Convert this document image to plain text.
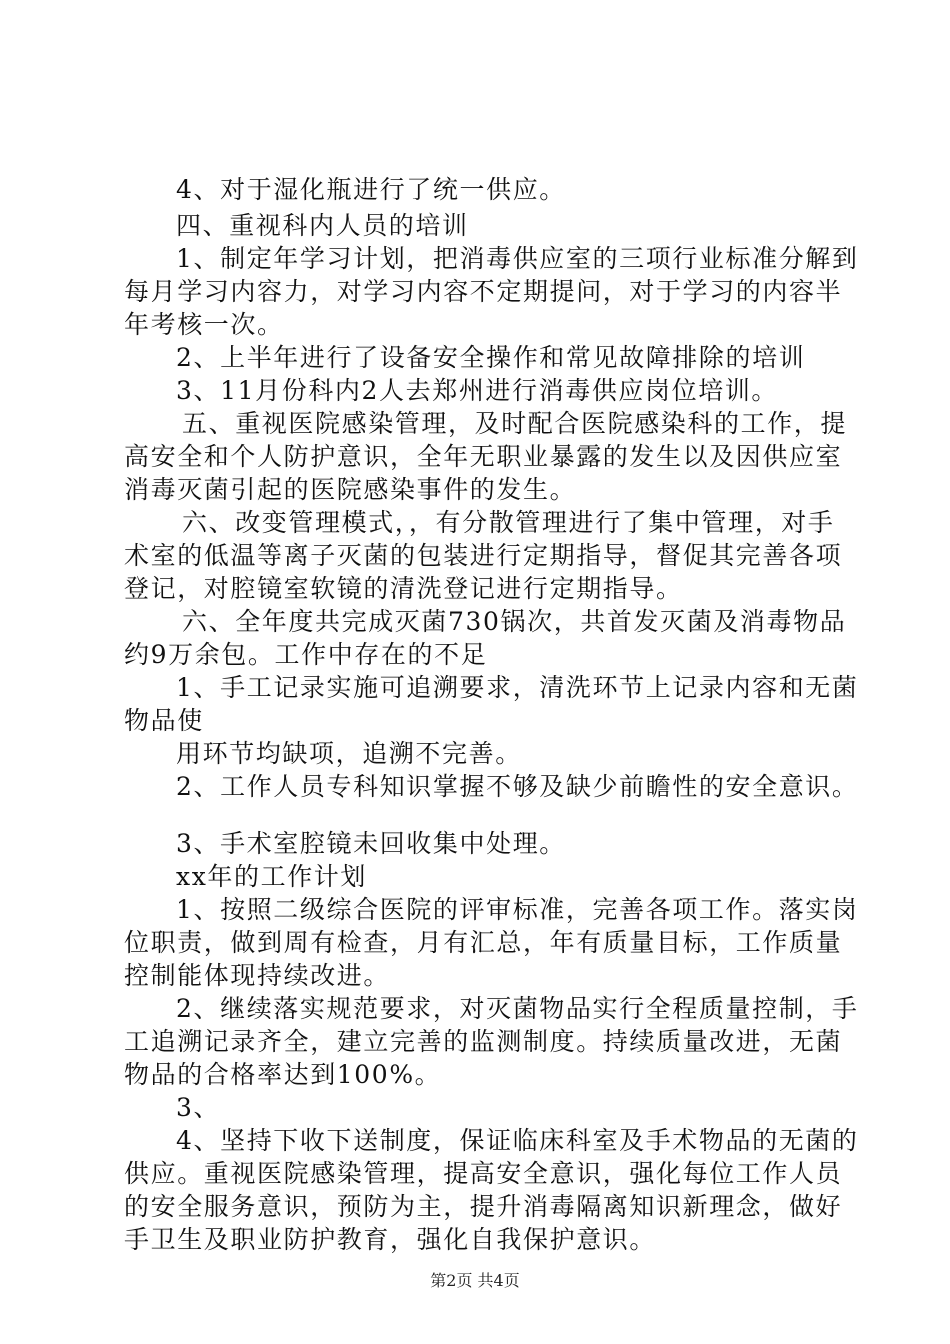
4、对于湿化瓶进行了统一供应。
四、重视科内人员的培训
1、制定年学习计划，把消毒供应室的三项行业标准分解到
每月学习内容力，对学习内容不定期提问，对于学习的内容半
年考核一次。
2、上半年进行了设备安全操作和常见故障排除的培训
3、11月份科内2人去郑州进行消毒供应岗位培训。
五、重视医院感染管理，及时配合医院感染科的工作，提
高安全和个人防护意识，全年无职业暴露的发生以及因供应室
消毒灭菌引起的医院感染事件的发生。
六、改变管理模式，，有分散管理进行了集中管理，对手
术室的低温等离子灭菌的包装进行定期指导，督促其完善各项
登记，对腔镜室软镜的清洗登记进行定期指导。
六、全年度共完成灭菌730锅次，共首发灭菌及消毒物品
约9万余包。工作中存在的不足
1、手工记录实施可追溯要求，清洗环节上记录内容和无菌
物品使
用环节均缺项，追溯不完善。
2、工作人员专科知识掌握不够及缺少前瞻性的安全意识。
3、手术室腔镜未回收集中处理。
xx年的工作计划
1、按照二级综合医院的评审标准，完善各项工作。落实岗
位职责，做到周有检查，月有汇总，年有质量目标，工作质量
控制能体现持续改进。
2、继续落实规范要求，对灭菌物品实行全程质量控制，手
工追溯记录齐全，建立完善的监测制度。持续质量改进，无菌
物品的合格率达到100%。
3、
4、坚持下收下送制度，保证临床科室及手术物品的无菌的
供应。重视医院感染管理，提高安全意识，强化每位工作人员
的安全服务意识，预防为主，提升消毒隔离知识新理念，做好
手卫生及职业防护教育，强化自我保护意识。
第2页 共4页
